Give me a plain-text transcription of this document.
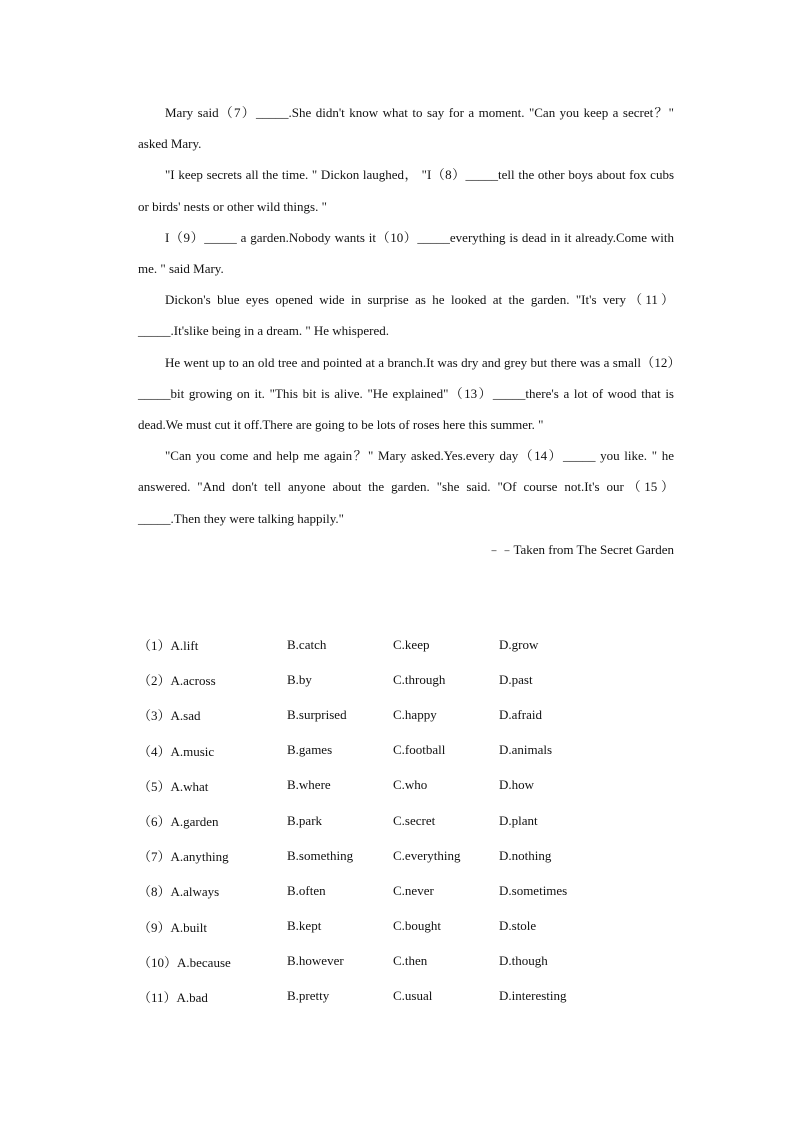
Mary said（7）_____.She didn't know what to say for a moment. "Can you keep a secret？" asked Mary.

"I keep secrets all the time. " Dickon laughed， "I（8）_____tell the other boys about fox cubs or birds' nests or other wild things. "

I（9）_____ a garden.Nobody wants it（10）_____everything is dead in it already.Come with me. " said Mary.

Dickon's blue eyes opened wide in surprise as he looked at the garden. "It's very（11）_____.It'slike being in a dream. " He whispered.

He went up to an old tree and pointed at a branch.It was dry and grey but there was a small（12）_____bit growing on it. "This bit is alive. "He explained"（13）_____there's a lot of wood that is dead.We must cut it off.There are going to be lots of roses here this summer. "

"Can you come and help me again？" Mary asked.Yes.every day（14）_____ you like. " he answered. "And don't tell anyone about the garden. "she said. "Of course not.It's our（15）_____.Then they were talking happily."

﹣﹣Taken from The Secret Garden

（1）A.lift	B.catch	C.keep	D.grow
（2）A.across	B.by	C.through	D.past
（3）A.sad	B.surprised	C.happy	D.afraid
（4）A.music	B.games	C.football	D.animals
（5）A.what	B.where	C.who	D.how
（6）A.garden	B.park	C.secret	D.plant
（7）A.anything	B.something	C.everything	D.nothing
（8）A.always	B.often	C.never	D.sometimes
（9）A.built	B.kept	C.bought	D.stole
（10）A.because	B.however	C.then	D.though
（11）A.bad	B.pretty	C.usual	D.interesting
